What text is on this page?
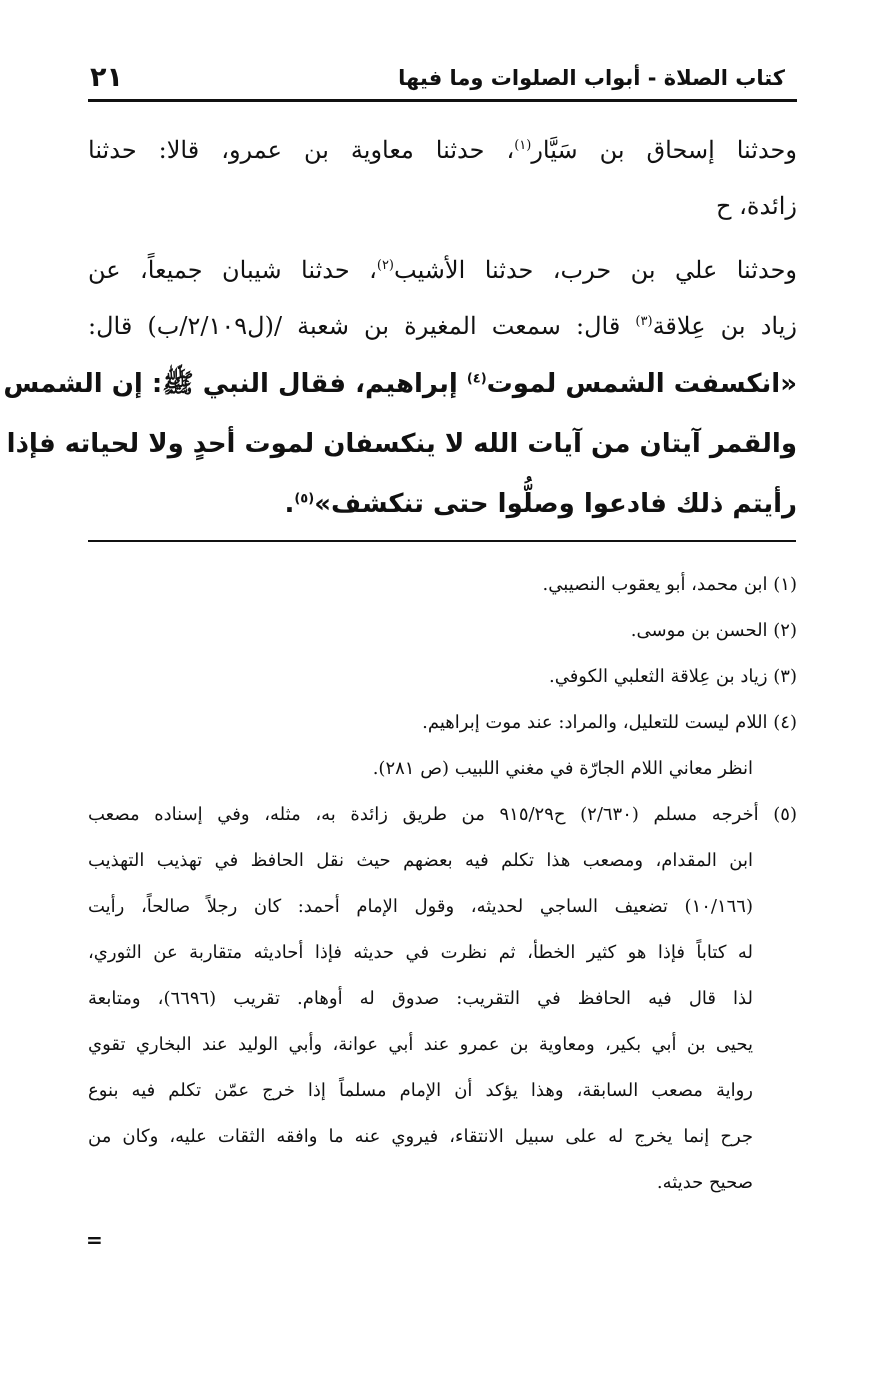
كتاب الصلاة - أبواب الصلوات وما فيها
٢١
وحدثنا إسحاق بن سَيَّار$^{(١)}$، حدثنا معاوية بن عمرو، قالا: حدثنا
زائدة، ح
وحدثنا علي بن حرب، حدثنا الأشيب$^{(٢)}$، حدثنا شيبان جميعاً، عن
زياد بن عِلاقة$^{(٣)}$ قال: سمعت المغيرة بن شعبة /(ل٢/١٠٩/ب) قال:
«انكسفت الشمس لموت$^{(٤)}$ إبراهيم، فقال النبي ﷺ: إن الشمس
والقمر آيتان من آيات الله لا ينكسفان لموت أحدٍ ولا لحياته فإذا
رأيتم ذلك فادعوا وصلُّوا حتى تنكشف»$^{(٥)}$.
(١) ابن محمد، أبو يعقوب النصيبي.
(٢) الحسن بن موسى.
(٣) زياد بن عِلاقة الثعلبي الكوفي.
(٤) اللام ليست للتعليل، والمراد: عند موت إبراهيم.
انظر معاني اللام الجارّة في مغني اللبيب (ص ٢٨١).
(٥) أخرجه مسلم (٢/٦٣٠) ح٩١٥/٢٩ من طريق زائدة به، مثله، وفي إسناده مصعب
ابن المقدام، ومصعب هذا تكلم فيه بعضهم حيث نقل الحافظ في تهذيب التهذيب
(١٠/١٦٦) تضعيف الساجي لحديثه، وقول الإمام أحمد: كان رجلاً صالحاً، رأيت
له كتاباً فإذا هو كثير الخطأ، ثم نظرت في حديثه فإذا أحاديثه متقاربة عن الثوري،
لذا قال فيه الحافظ في التقريب: صدوق له أوهام. تقريب (٦٦٩٦)، ومتابعة
يحيى بن أبي بكير، ومعاوية بن عمرو عند أبي عوانة، وأبي الوليد عند البخاري تقوي
رواية مصعب السابقة، وهذا يؤكد أن الإمام مسلماً إذا خرج عمّن تكلم فيه بنوع
جرح إنما يخرج له على سبيل الانتقاء، فيروي عنه ما وافقه الثقات عليه، وكان من
صحيح حديثه.
=
